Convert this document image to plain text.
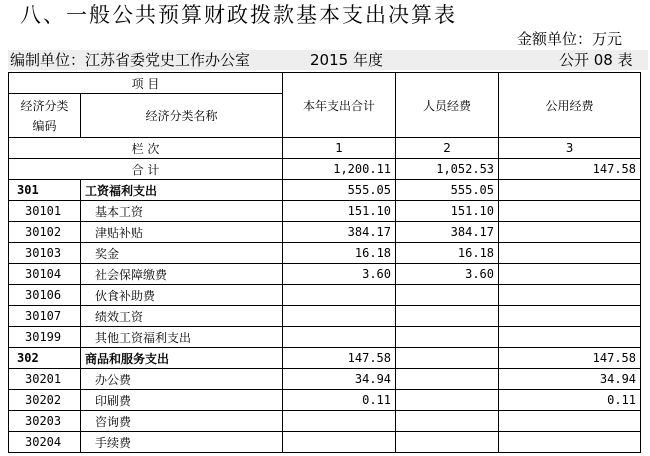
八、一般公共预算财政拨款基本支出决算表
金额单位：万元
编制单位：江苏省委党史工作办公室	2015 年度	公开 08 表
项 目		本年支出合计	人员经费	公用经费

经济分类
编码	经济分类名称			

栏 次		1	2	3
合 计		1,200.11	1,052.53	147.58
301	工资福利支出	555.05	555.05	
30101	基本工资	151.10	151.10	
30102	津贴补贴	384.17	384.17	
30103	奖金	16.18	16.18	
30104	社会保障缴费	3.60	3.60	
30106	伙食补助费			
30107	绩效工资			
30199	其他工资福利支出			
302	商品和服务支出	147.58		147.58
30201	办公费	34.94		34.94
30202	印刷费	0.11		0.11
30203	咨询费			
30204	手续费			
